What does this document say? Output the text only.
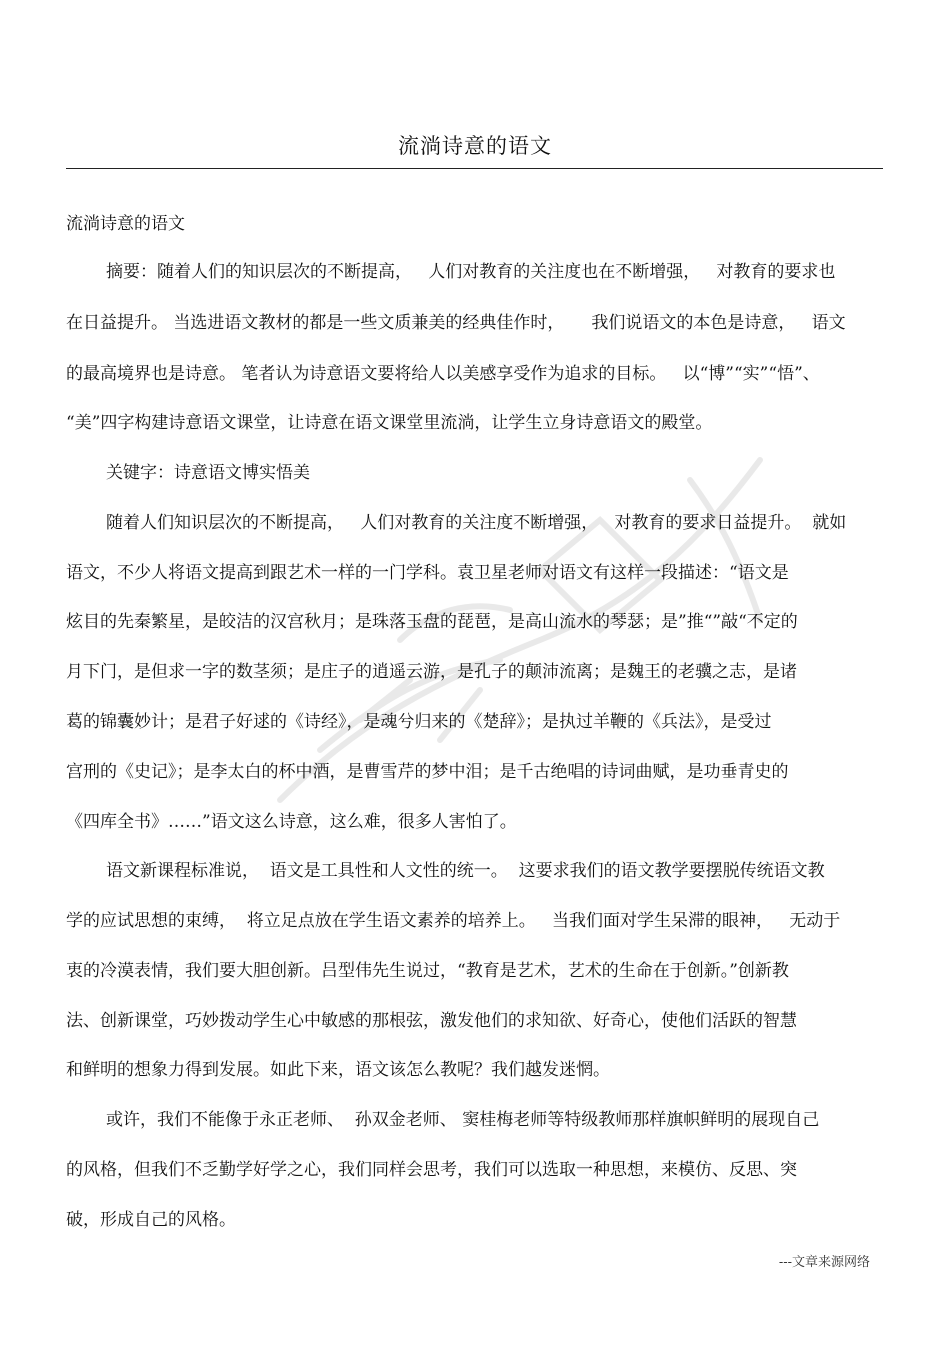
流淌诗意的语文
流淌诗意的语文
摘要：随着人们的知识层次的不断提高，   人们对教育的关注度也在不断增强，   对教育的要求也
在日益提升。 当选进语文教材的都是一些文质兼美的经典佳作时，     我们说语文的本色是诗意，   语文
的最高境界也是诗意。 笔者认为诗意语文要将给人以美感享受作为追求的目标。   以“博”“实”“悟”、
“美”四字构建诗意语文课堂，让诗意在语文课堂里流淌，让学生立身诗意语文的殿堂。
关键字：诗意语文博实悟美
随着人们知识层次的不断提高，   人们对教育的关注度不断增强，   对教育的要求日益提升。  就如
语文，不少人将语文提高到跟艺术一样的一门学科。袁卫星老师对语文有这样一段描述：“语文是
炫目的先秦繁星，是皎洁的汉宫秋月；是珠落玉盘的琵琶，是高山流水的琴瑟；是”推“”敲“不定的
月下门，是但求一字的数茎须；是庄子的逍遥云游，是孔子的颠沛流离；是魏王的老骥之志，是诸
葛的锦囊妙计；是君子好逑的《诗经》，是魂兮归来的《楚辞》；是执过羊鞭的《兵法》，是受过
宫刑的《史记》；是李太白的杯中酒，是曹雪芹的梦中泪；是千古绝唱的诗词曲赋，是功垂青史的
《四库全书》……”语文这么诗意，这么难，很多人害怕了。
语文新课程标准说，  语文是工具性和人文性的统一。  这要求我们的语文教学要摆脱传统语文教
学的应试思想的束缚，  将立足点放在学生语文素养的培养上。   当我们面对学生呆滞的眼神，   无动于
衷的冷漠表情，我们要大胆创新。吕型伟先生说过，“教育是艺术，艺术的生命在于创新。”创新教
法、创新课堂，巧妙拨动学生心中敏感的那根弦，激发他们的求知欲、好奇心，使他们活跃的智慧
和鲜明的想象力得到发展。如此下来，语文该怎么教呢？我们越发迷惘。
或许，我们不能像于永正老师、  孙双金老师、 窦桂梅老师等特级教师那样旗帜鲜明的展现自己
的风格，但我们不乏勤学好学之心，我们同样会思考，我们可以选取一种思想，来模仿、反思、突
破，形成自己的风格。
---文章来源网络
